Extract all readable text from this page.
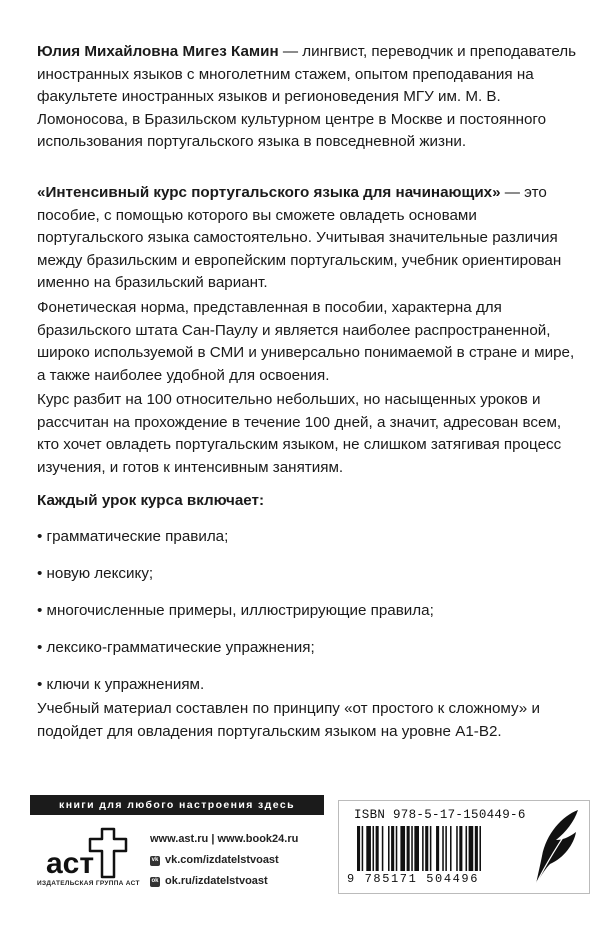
Юлия Михайловна Мигез Камин — лингвист, переводчик и преподаватель иностранных языков с многолетним стажем, опытом преподавания на факультете иностранных языков и регионоведения МГУ им. М. В. Ломоносова, в Бразильском культурном центре в Москве и постоянного использования португальского языка в повседневной жизни.
«Интенсивный курс португальского языка для начинающих» — это пособие, с помощью которого вы сможете овладеть основами португальского языка самостоятельно. Учитывая значительные различия между бразильским и европейским португальским, учебник ориентирован именно на бразильский вариант.
Фонетическая норма, представленная в пособии, характерна для бразильского штата Сан-Паулу и является наиболее распространенной, широко используемой в СМИ и универсально понимаемой в стране и мире, а также наиболее удобной для освоения.
Курс разбит на 100 относительно небольших, но насыщенных уроков и рассчитан на прохождение в течение 100 дней, а значит, адресован всем, кто хочет овладеть португальским языком, не слишком затягивая процесс изучения, и готов к интенсивным занятиям.
Каждый урок курса включает:
• грамматические правила;
• новую лексику;
• многочисленные примеры, иллюстрирующие правила;
• лексико-грамматические упражнения;
• ключи к упражнениям.
Учебный материал составлен по принципу «от простого к сложному» и подойдет для овладения португальским языком на уровне A1-B2.
книги для любого настроения здесь
аст
ИЗДАТЕЛЬСКАЯ ГРУППА АСТ
www.ast.ru | www.book24.ru
vk vk.com/izdatelstvoast
ok ok.ru/izdatelstvoast
ISBN 978-5-17-150449-6
9 785171 504496
